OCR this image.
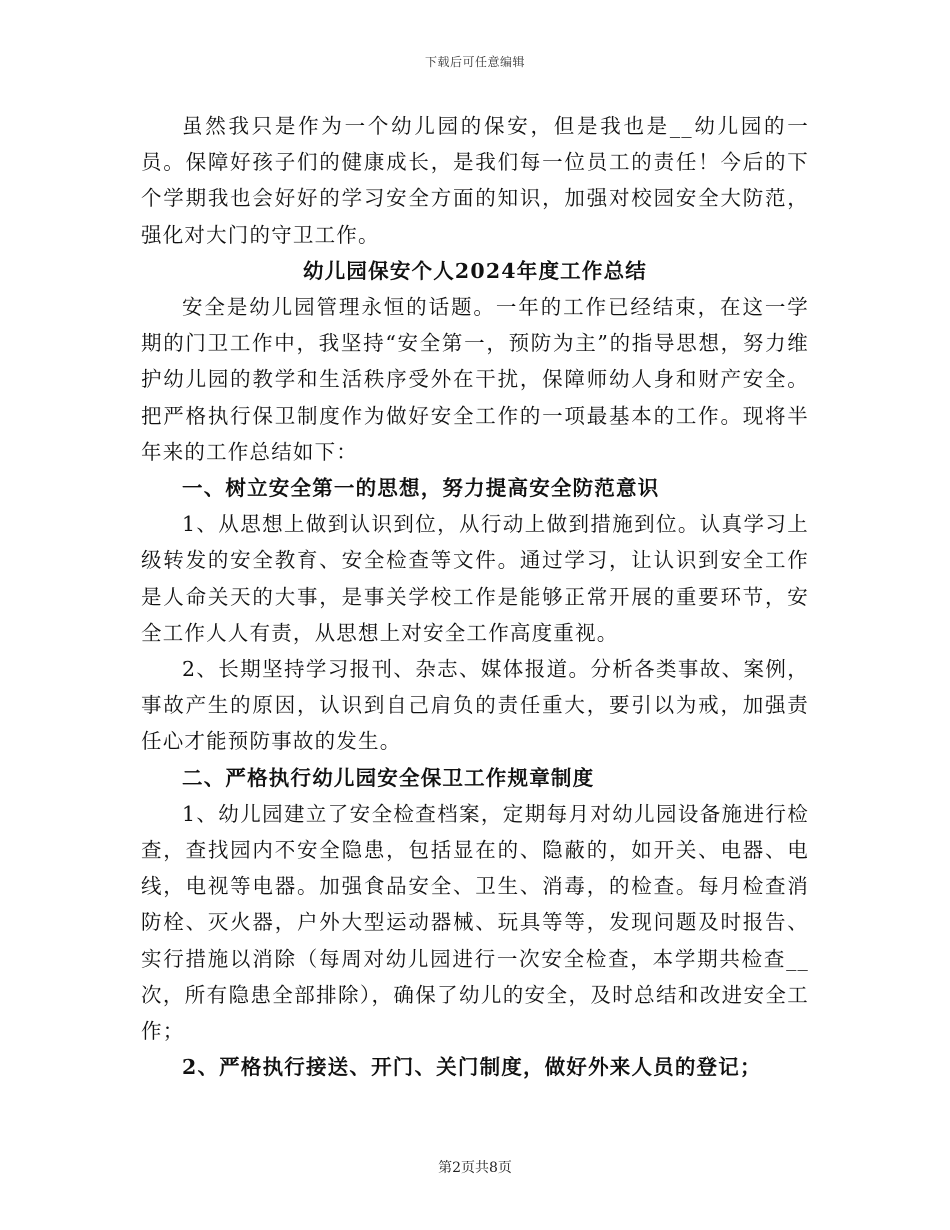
下载后可任意编辑

虽然我只是作为一个幼儿园的保安，但是我也是__幼儿园的一员。保障好孩子们的健康成长，是我们每一位员工的责任！今后的下个学期我也会好好的学习安全方面的知识，加强对校园安全大防范，强化对大门的守卫工作。

幼儿园保安个人2024年度工作总结

安全是幼儿园管理永恒的话题。一年的工作已经结束，在这一学期的门卫工作中，我坚持“安全第一，预防为主”的指导思想，努力维护幼儿园的教学和生活秩序受外在干扰，保障师幼人身和财产安全。把严格执行保卫制度作为做好安全工作的一项最基本的工作。现将半年来的工作总结如下：

一、树立安全第一的思想，努力提高安全防范意识

1、从思想上做到认识到位，从行动上做到措施到位。认真学习上级转发的安全教育、安全检查等文件。通过学习，让认识到安全工作是人命关天的大事，是事关学校工作是能够正常开展的重要环节，安全工作人人有责，从思想上对安全工作高度重视。

2、长期坚持学习报刊、杂志、媒体报道。分析各类事故、案例，事故产生的原因，认识到自己肩负的责任重大，要引以为戒，加强责任心才能预防事故的发生。

二、严格执行幼儿园安全保卫工作规章制度

1、幼儿园建立了安全检查档案，定期每月对幼儿园设备施进行检查，查找园内不安全隐患，包括显在的、隐蔽的，如开关、电器、电线，电视等电器。加强食品安全、卫生、消毒，的检查。每月检查消防栓、灭火器，户外大型运动器械、玩具等等，发现问题及时报告、实行措施以消除（每周对幼儿园进行一次安全检查，本学期共检查__次，所有隐患全部排除），确保了幼儿的安全，及时总结和改进安全工作；

2、严格执行接送、开门、关门制度，做好外来人员的登记；
第2页共8页
